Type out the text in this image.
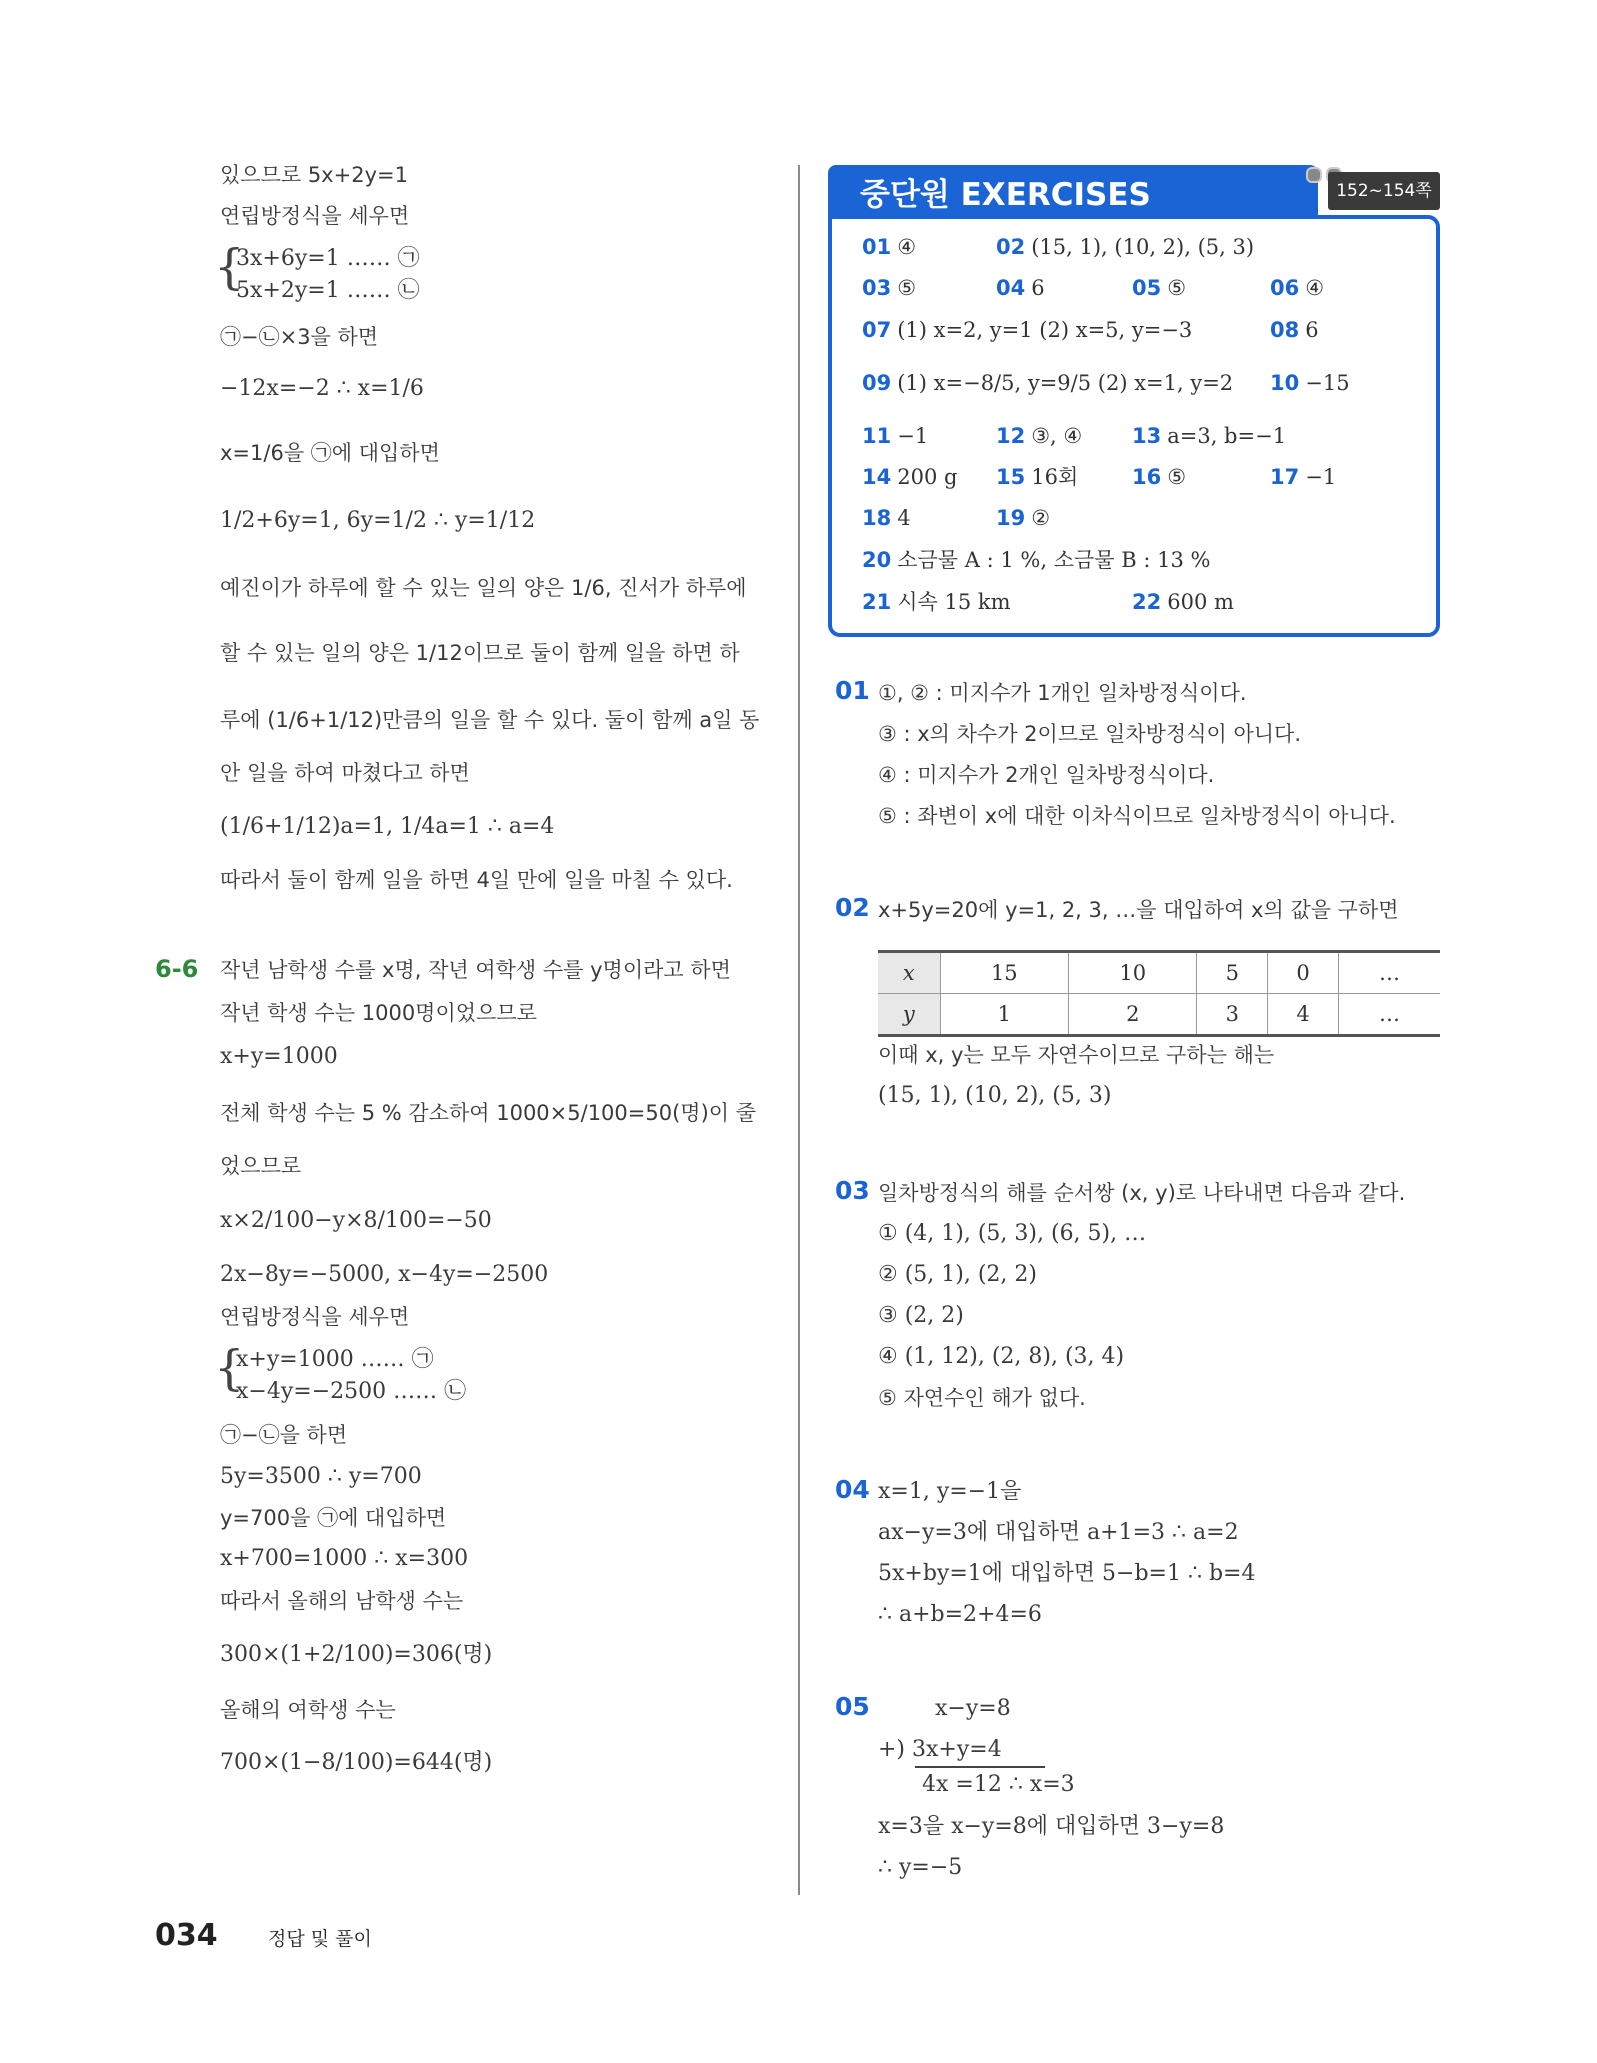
있으므로 5x+2y=1
연립방정식을 세우면
{
3x+6y=1 …… ㉠
5x+2y=1 …… ㉡
㉠−㉡×3을 하면
−12x=−2 ∴ x=1/6
x=1/6을 ㉠에 대입하면
1/2+6y=1, 6y=1/2 ∴ y=1/12
예진이가 하루에 할 수 있는 일의 양은 1/6, 진서가 하루에
할 수 있는 일의 양은 1/12이므로 둘이 함께 일을 하면 하
루에 (1/6+1/12)만큼의 일을 할 수 있다. 둘이 함께 a일 동
안 일을 하여 마쳤다고 하면
(1/6+1/12)a=1, 1/4a=1 ∴ a=4
따라서 둘이 함께 일을 하면 4일 만에 일을 마칠 수 있다.
6-6 작년 남학생 수를 x명, 작년 여학생 수를 y명이라고 하면
작년 학생 수는 1000명이었으므로
x+y=1000
전체 학생 수는 5 % 감소하여 1000×5/100=50(명)이 줄
었으므로
x×2/100−y×8/100=−50
2x−8y=−5000, x−4y=−2500
연립방정식을 세우면
{
x+y=1000 …… ㉠
x−4y=−2500 …… ㉡
㉠−㉡을 하면
5y=3500 ∴ y=700
y=700을 ㉠에 대입하면
x+700=1000 ∴ x=300
따라서 올해의 남학생 수는
300×(1+2/100)=306(명)
올해의 여학생 수는
700×(1−8/100)=644(명)
중단원 EXERCISES	152~154쪽
01 ④	02 (15, 1), (10, 2), (5, 3)
03 ⑤	04 6	05 ⑤	06 ④
07 (1) x=2, y=1 (2) x=5, y=−3	08 6
09 (1) x=−8/5, y=9/5 (2) x=1, y=2 10 −15
11 −1	12 ③, ④ 13 a=3, b=−1
14 200 g 15 16회	16 ⑤	17 −1
18 4	19 ②
20 소금물 A : 1 %, 소금물 B : 13 %
21 시속 15 km	22 600 m
01 ①, ② : 미지수가 1개인 일차방정식이다.
③ : x의 차수가 2이므로 일차방정식이 아니다.
④ : 미지수가 2개인 일차방정식이다.
⑤ : 좌변이 x에 대한 이차식이므로 일차방정식이 아니다.
02 x+5y=20에 y=1, 2, 3, …을 대입하여 x의 값을 구하면
x	15	10	5	0	…
y	1	2	3	4	…
이때 x, y는 모두 자연수이므로 구하는 해는
(15, 1), (10, 2), (5, 3)
03 일차방정식의 해를 순서쌍 (x, y)로 나타내면 다음과 같다.
① (4, 1), (5, 3), (6, 5), …
② (5, 1), (2, 2)
③ (2, 2)
④ (1, 12), (2, 8), (3, 4)
⑤ 자연수인 해가 없다.
04 x=1, y=−1을
ax−y=3에 대입하면 a+1=3 ∴ a=2
5x+by=1에 대입하면 5−b=1 ∴ b=4
∴ a+b=2+4=6
05	x−y=8
+) 3x+y=4
4x =12 ∴ x=3
x=3을 x−y=8에 대입하면 3−y=8
∴ y=−5
034	정답 및 풀이
